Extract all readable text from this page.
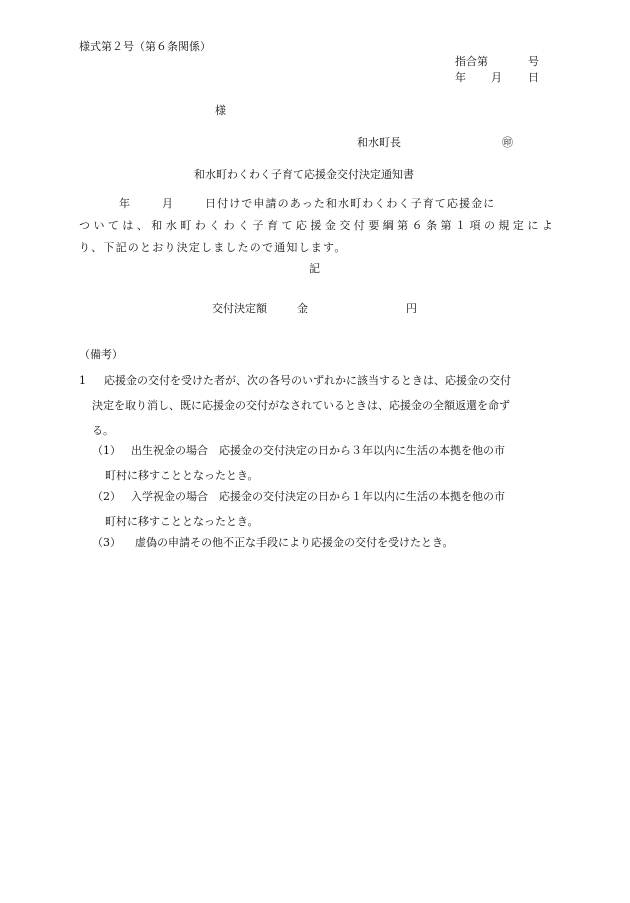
様式第２号（第６条関係）
指合第	号
年 月 日
様
和水町長	㊞
和水町わくわく子育て応援金交付決定通知書
年	月	日付けで申請のあった和水町わくわく子育て応援金に
ついては、和水町わくわく子育て応援金交付要綱第６条第１項の規定によ
り、下記のとおり決定しましたので通知します。
記
交付決定額	金	円
（備考）
1 応援金の交付を受けた者が、次の各号のいずれかに該当するときは、応援金の交付
決定を取り消し、既に応援金の交付がなされているときは、応援金の全額返還を命ず
る。
（1） 出生祝金の場合　応援金の交付決定の日から３年以内に生活の本拠を他の市
町村に移すこととなったとき。
（2） 入学祝金の場合　応援金の交付決定の日から１年以内に生活の本拠を他の市
町村に移すこととなったとき。
（3） 虚偽の申請その他不正な手段により応援金の交付を受けたとき。
